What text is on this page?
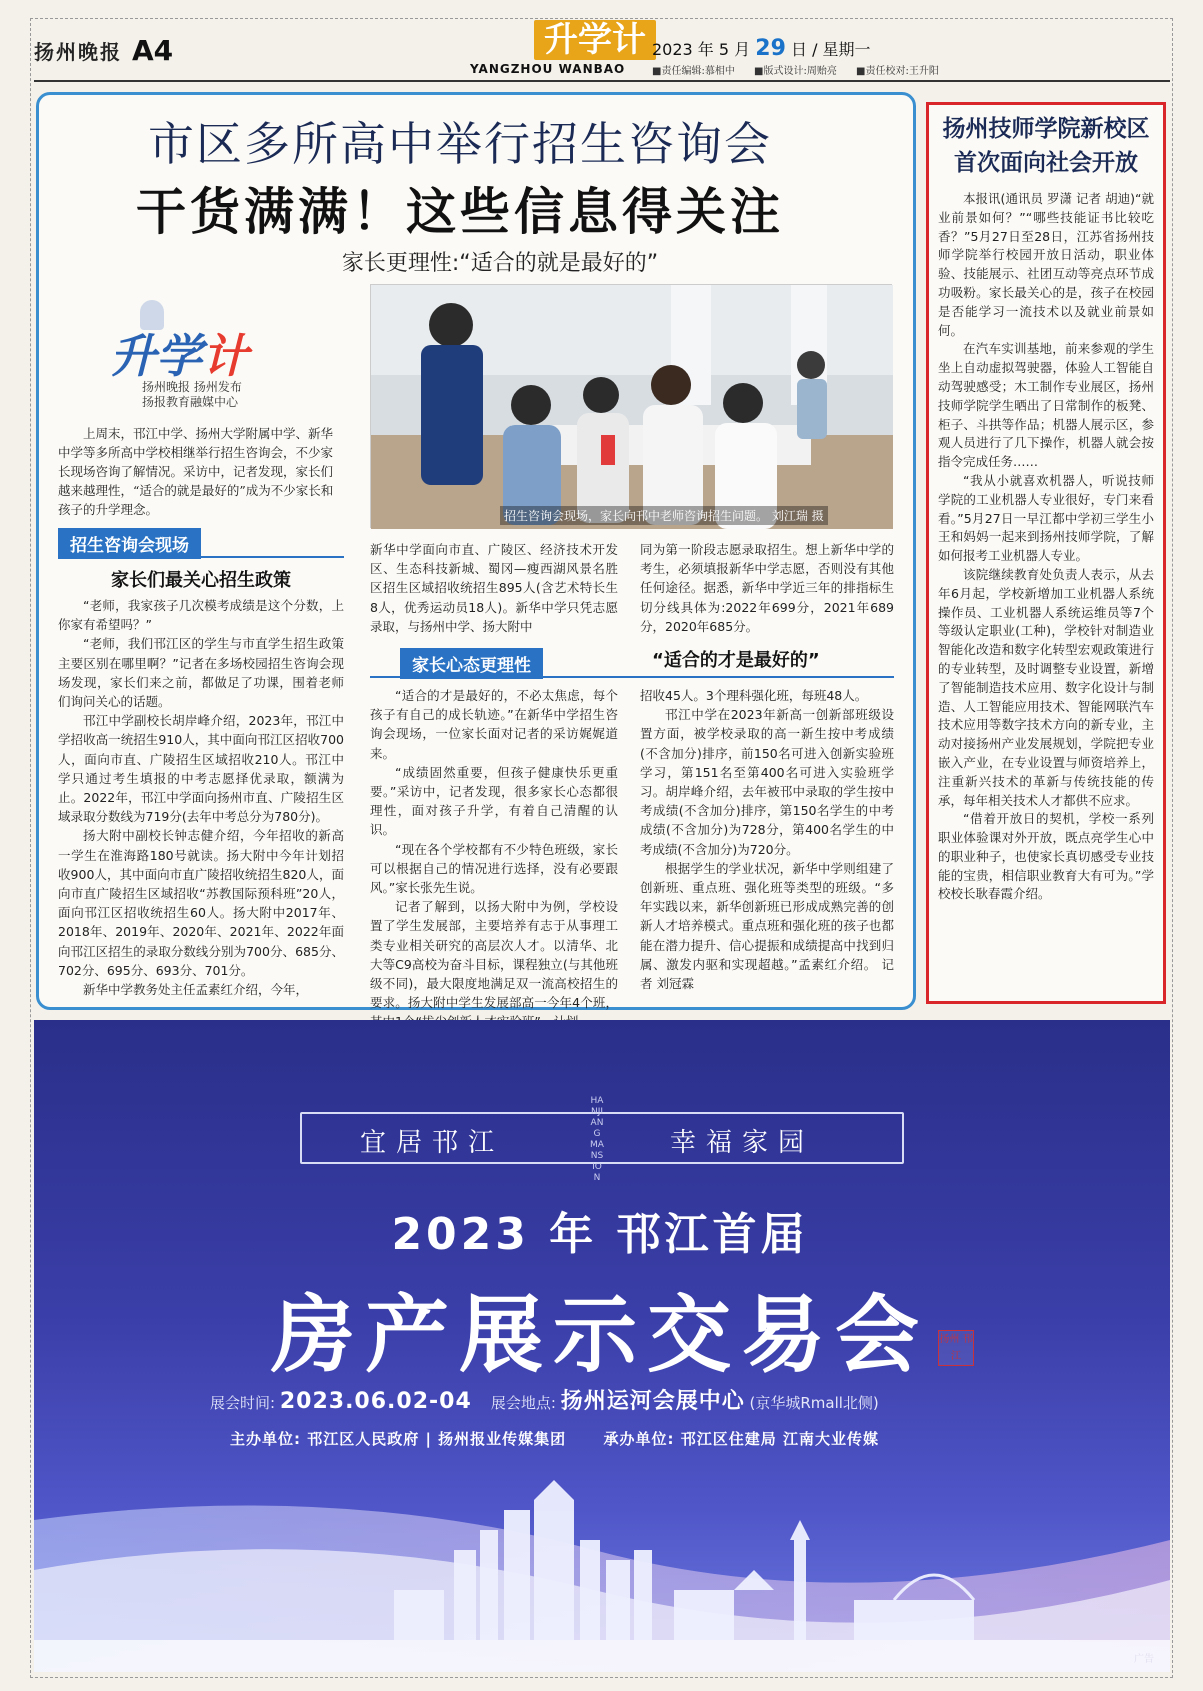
扬州晚报 A4	升学计
YANGZHOU WANBAO
2023 年 5 月 29 日 / 星期一
■责任编辑:慕相中 ■版式设计:周贻亮 ■责任校对:王升阳
市区多所高中举行招生咨询会
干货满满！这些信息得关注
家长更理性:“适合的就是最好的”
升学计
扬州晚报 扬州发布
扬报教育融媒中心
上周末，邗江中学、扬州大学附属中学、新华中学等多所高中学校相继举行招生咨询会，不少家长现场咨询了解情况。采访中，记者发现，家长们越来越理性，“适合的就是最好的”成为不少家长和孩子的升学理念。	招生咨询会现场，家长向邗中老师咨询招生问题。 刘江瑞 摄
招生咨询会现场
家长们最关心招生政策

“老师，我家孩子几次模考成绩是这个分数，上你家有希望吗？”

“老师，我们邗江区的学生与市直学生招生政策主要区别在哪里啊？”记者在多场校园招生咨询会现场发现，家长们来之前，都做足了功课，围着老师们询问关心的话题。

邗江中学副校长胡岸峰介绍，2023年，邗江中学招收高一统招生910人，其中面向邗江区招收700人，面向市直、广陵招生区域招收210人。邗江中学只通过考生填报的中考志愿择优录取，额满为止。2022年，邗江中学面向扬州市直、广陵招生区域录取分数线为719分(去年中考总分为780分)。

扬大附中副校长钟志健介绍，今年招收的新高一学生在淮海路180号就读。扬大附中今年计划招收900人，其中面向市直广陵招收统招生820人，面向市直广陵招生区域招收“苏教国际预科班”20人，面向邗江区招收统招生60人。扬大附中2017年、2018年、2019年、2020年、2021年、2022年面向邗江区招生的录取分数线分别为700分、685分、702分、695分、693分、701分。

新华中学教务处主任孟素红介绍，今年，

新华中学面向市直、广陵区、经济技术开发区、生态科技新城、蜀冈—瘦西湖风景名胜区招生区域招收统招生895人(含艺术特长生8人，优秀运动员18人)。新华中学只凭志愿录取，与扬州中学、扬大附中
同为第一阶段志愿录取招生。想上新华中学的考生，必须填报新华中学志愿，否则没有其他任何途径。据悉，新华中学近三年的排指标生切分线具体为:2022年699分，2021年689分，2020年685分。
家长心态更理性	“适合的才是最好的”

“适合的才是最好的，不必太焦虑，每个孩子有自己的成长轨迹。”在新华中学招生咨询会现场，一位家长面对记者的采访娓娓道来。

“成绩固然重要，但孩子健康快乐更重要。”采访中，记者发现，很多家长心态都很理性，面对孩子升学，有着自己清醒的认识。

“现在各个学校都有不少特色班级，家长可以根据自己的情况进行选择，没有必要跟风。”家长张先生说。

记者了解到，以扬大附中为例，学校设置了学生发展部，主要培养有志于从事理工类专业相关研究的高层次人才。以清华、北大等C9高校为奋斗目标，课程独立(与其他班级不同)，最大限度地满足双一流高校招生的要求。扬大附中学生发展部高一今年4个班，

招收45人。3个理科强化班，每班48人。

邗江中学在2023年新高一创新部班级设置方面，被学校录取的高一新生按中考成绩(不含加分)排序，前150名可进入创新实验班学习，第151名至第400名可进入实验班学习。胡岸峰介绍，去年被邗中录取的学生按中考成绩(不含加分)排序，第150名学生的中考成绩(不含加分)为728分，第400名学生的中考成绩(不含加分)为720分。

根据学生的学业状况，新华中学则组建了创新班、重点班、强化班等类型的班级。“多年实践以来，新华创新班已形成成熟完善的创新人才培养模式。重点班和强化班的孩子也都能在潜力提升、信心提振和成绩提高中找到归属、激发内驱和实现超越。”孟素红介绍。 记者 刘冠霖

扬州技师学院新校区首次面向社会开放

本报讯(通讯员 罗潇 记者 胡迪)“就业前景如何？”“哪些技能证书比较吃香？”5月27日至28日，江苏省扬州技师学院举行校园开放日活动，职业体验、技能展示、社团互动等亮点环节成功吸粉。家长最关心的是，孩子在校园是否能学习一流技术以及就业前景如何。

在汽车实训基地，前来参观的学生坐上自动虚拟驾驶器，体验人工智能自动驾驶感受；木工制作专业展区，扬州技师学院学生晒出了日常制作的板凳、柜子、斗拱等作品；机器人展示区，参观人员进行了几下操作，机器人就会按指令完成任务……

“我从小就喜欢机器人，听说技师学院的工业机器人专业很好，专门来看看。”5月27日一早江都中学初三学生小王和妈妈一起来到扬州技师学院，了解如何报考工业机器人专业。

该院继续教育处负责人表示，从去年6月起，学校新增加工业机器人系统操作员、工业机器人系统运维员等7个等级认定职业(工种)，学校针对制造业智能化改造和数字化转型宏观政策进行的专业转型，及时调整专业设置，新增了智能制造技术应用、数字化设计与制造、人工智能应用技术、智能网联汽车技术应用等数字技术方向的新专业，主动对接扬州产业发展规划，学院把专业嵌入产业，在专业设置与师资培养上，注重新兴技术的革新与传统技能的传承，每年相关技术人才都供不应求。

“借着开放日的契机，学校一系列职业体验课对外开放，既点亮学生心中的职业种子，也使家长真切感受专业技能的宝贵，相信职业教育大有可为。”学校校长耿春霞介绍。

宜居邗江
HANJIANG MANSION
幸福家园
2023 年 邗江首届
房产展示交易会	扬州 邗江
展会时间: 2023.06.02-04 展会地点: 扬州运河会展中心 (京华城Rmall北侧)
主办单位: 邗江区人民政府 | 扬州报业传媒集团 承办单位: 邗江区住建局 江南大业传媒
广告
